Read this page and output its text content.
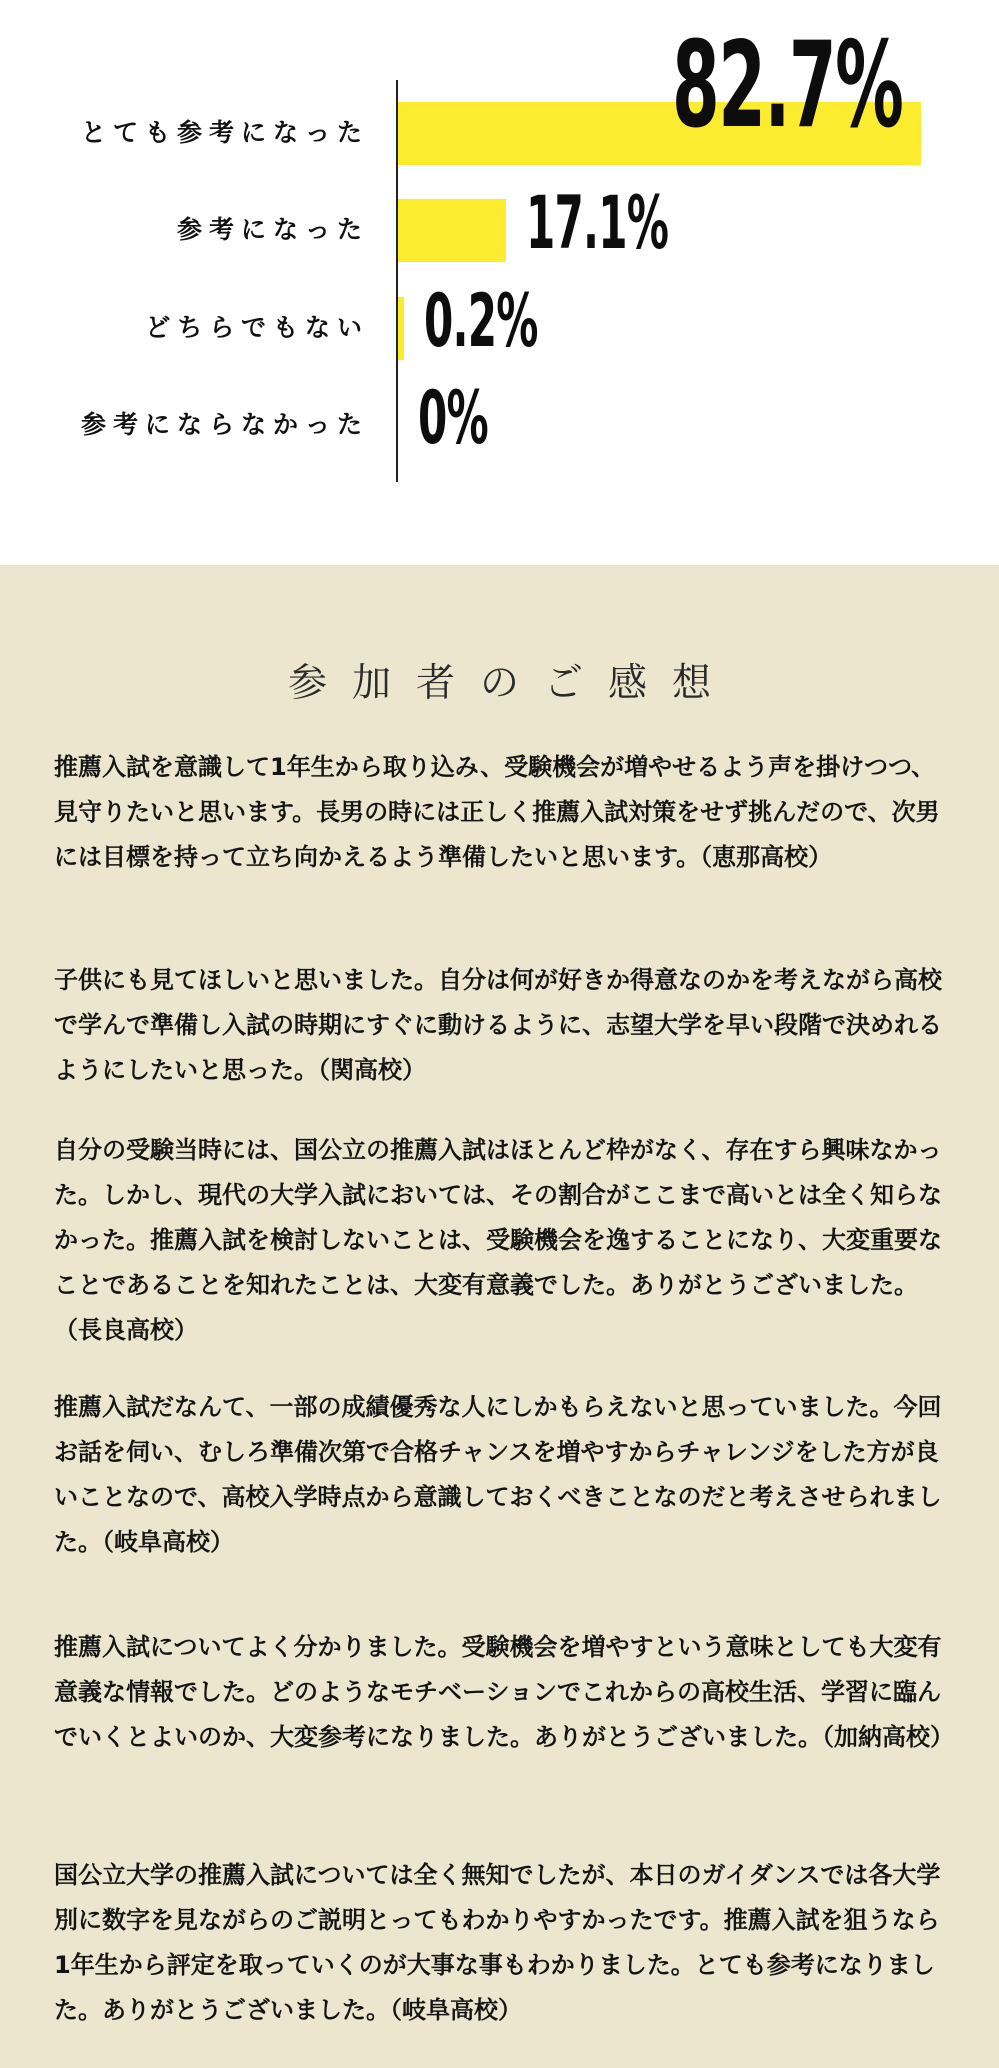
とても参考になった
参考になった
どちらでもない
参考にならなかった
82.7%
17.1%
0.2%
0%
参加者のご感想

推薦入試を意識して1年生から取り込み、受験機会が増やせるよう声を掛けつつ、見守りたいと思います。長男の時には正しく推薦入試対策をせず挑んだので、次男には目標を持って立ち向かえるよう準備したいと思います。（恵那高校）

子供にも見てほしいと思いました。自分は何が好きか得意なのかを考えながら高校で学んで準備し入試の時期にすぐに動けるように、志望大学を早い段階で決めれるようにしたいと思った。（関高校）

自分の受験当時には、国公立の推薦入試はほとんど枠がなく、存在すら興味なかった。しかし、現代の大学入試においては、その割合がここまで高いとは全く知らなかった。推薦入試を検討しないことは、受験機会を逸することになり、大変重要なことであることを知れたことは、大変有意義でした。ありがとうございました。（長良高校）

推薦入試だなんて、一部の成績優秀な人にしかもらえないと思っていました。今回お話を伺い、むしろ準備次第で合格チャンスを増やすからチャレンジをした方が良いことなので、高校入学時点から意識しておくべきことなのだと考えさせられました。（岐阜高校）

推薦入試についてよく分かりました。受験機会を増やすという意味としても大変有意義な情報でした。どのようなモチベーションでこれからの高校生活、学習に臨んでいくとよいのか、大変参考になりました。ありがとうございました。（加納高校）

国公立大学の推薦入試については全く無知でしたが、本日のガイダンスでは各大学別に数字を見ながらのご説明とってもわかりやすかったです。推薦入試を狙うなら1年生から評定を取っていくのが大事な事もわかりました。とても参考になりました。ありがとうございました。（岐阜高校）
